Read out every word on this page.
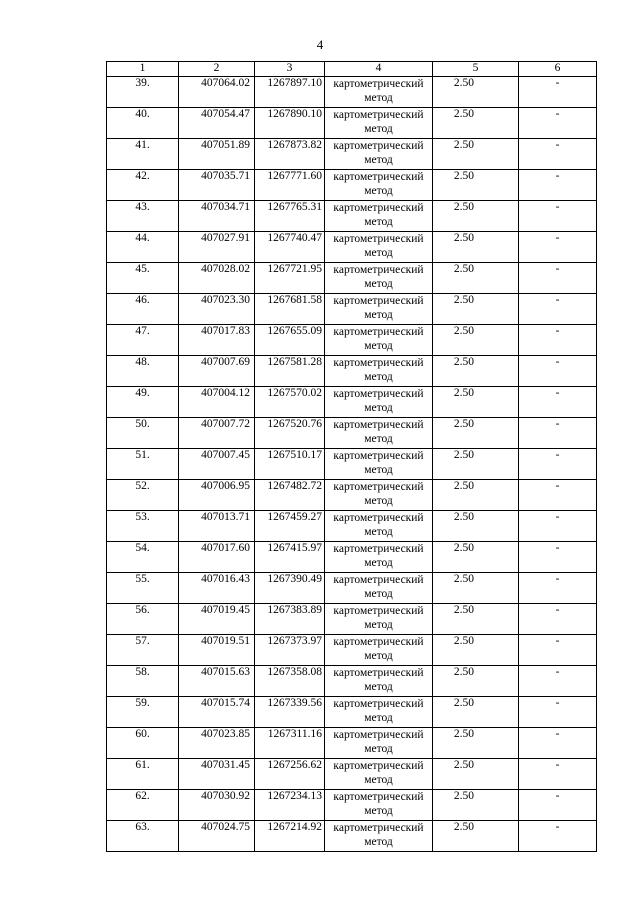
4
1	2	3	4	5	6
39.	407064.02	1267897.10	картометрический метод	2.50	-
40.	407054.47	1267890.10	картометрический метод	2.50	-
41.	407051.89	1267873.82	картометрический метод	2.50	-
42.	407035.71	1267771.60	картометрический метод	2.50	-
43.	407034.71	1267765.31	картометрический метод	2.50	-
44.	407027.91	1267740.47	картометрический метод	2.50	-
45.	407028.02	1267721.95	картометрический метод	2.50	-
46.	407023.30	1267681.58	картометрический метод	2.50	-
47.	407017.83	1267655.09	картометрический метод	2.50	-
48.	407007.69	1267581.28	картометрический метод	2.50	-
49.	407004.12	1267570.02	картометрический метод	2.50	-
50.	407007.72	1267520.76	картометрический метод	2.50	-
51.	407007.45	1267510.17	картометрический метод	2.50	-
52.	407006.95	1267482.72	картометрический метод	2.50	-
53.	407013.71	1267459.27	картометрический метод	2.50	-
54.	407017.60	1267415.97	картометрический метод	2.50	-
55.	407016.43	1267390.49	картометрический метод	2.50	-
56.	407019.45	1267383.89	картометрический метод	2.50	-
57.	407019.51	1267373.97	картометрический метод	2.50	-
58.	407015.63	1267358.08	картометрический метод	2.50	-
59.	407015.74	1267339.56	картометрический метод	2.50	-
60.	407023.85	1267311.16	картометрический метод	2.50	-
61.	407031.45	1267256.62	картометрический метод	2.50	-
62.	407030.92	1267234.13	картометрический метод	2.50	-
63.	407024.75	1267214.92	картометрический метод	2.50	-
